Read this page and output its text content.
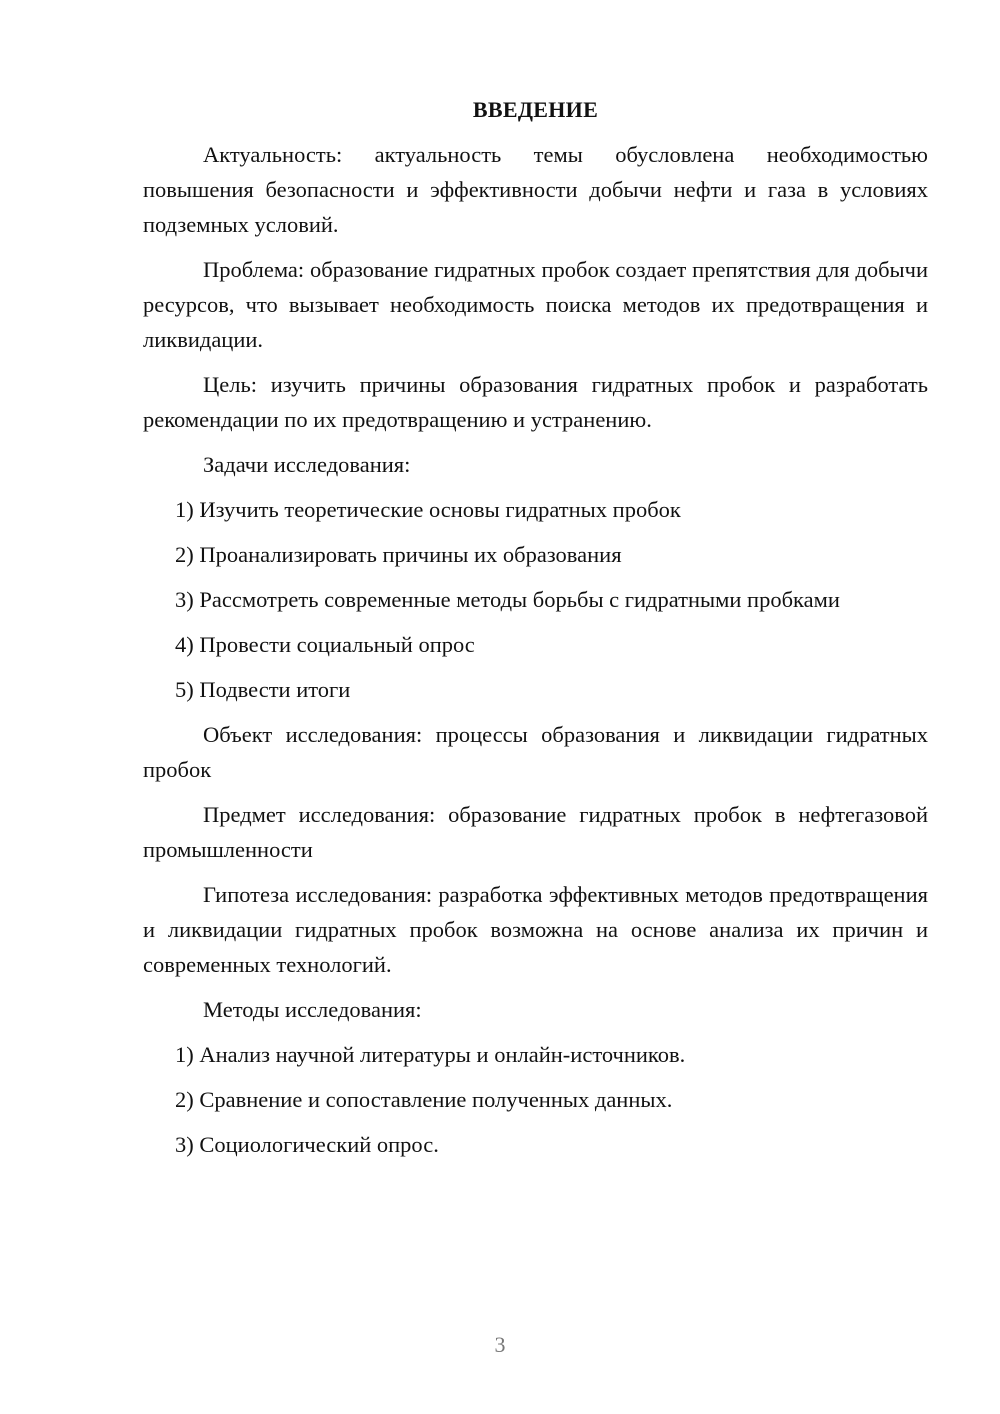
ВВЕДЕНИЕ

Актуальность: актуальность темы обусловлена необходимостью повышения безопасности и эффективности добычи нефти и газа в условиях подземных условий.

Проблема: образование гидратных пробок создает препятствия для добычи ресурсов, что вызывает необходимость поиска методов их предотвращения и ликвидации.

Цель: изучить причины образования гидратных пробок и разработать рекомендации по их предотвращению и устранению.

Задачи исследования:

1) Изучить теоретические основы гидратных пробок
2) Проанализировать причины их образования
3) Рассмотреть современные методы борьбы с гидратными пробками
4) Провести социальный опрос
5) Подвести итоги

Объект исследования: процессы образования и ликвидации гидратных пробок

Предмет исследования: образование гидратных пробок в нефтегазовой промышленности

Гипотеза исследования: разработка эффективных методов предотвращения и ликвидации гидратных пробок возможна на основе анализа их причин и современных технологий.

Методы исследования:

1) Анализ научной литературы и онлайн-источников.
2) Сравнение и сопоставление полученных данных.
3) Социологический опрос.
3
